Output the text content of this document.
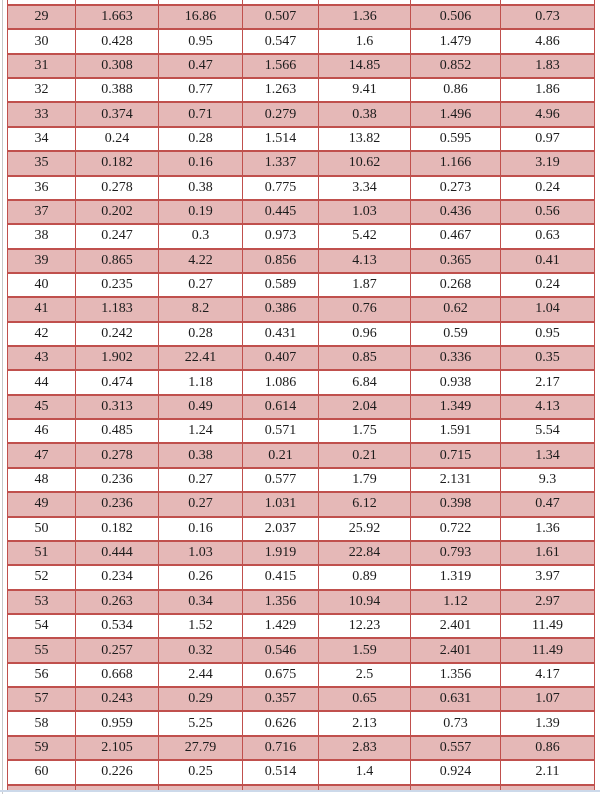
29	1.663	16.86	0.507	1.36	0.506	0.73
30	0.428	0.95	0.547	1.6	1.479	4.86
31	0.308	0.47	1.566	14.85	0.852	1.83
32	0.388	0.77	1.263	9.41	0.86	1.86
33	0.374	0.71	0.279	0.38	1.496	4.96
34	0.24	0.28	1.514	13.82	0.595	0.97
35	0.182	0.16	1.337	10.62	1.166	3.19
36	0.278	0.38	0.775	3.34	0.273	0.24
37	0.202	0.19	0.445	1.03	0.436	0.56
38	0.247	0.3	0.973	5.42	0.467	0.63
39	0.865	4.22	0.856	4.13	0.365	0.41
40	0.235	0.27	0.589	1.87	0.268	0.24
41	1.183	8.2	0.386	0.76	0.62	1.04
42	0.242	0.28	0.431	0.96	0.59	0.95
43	1.902	22.41	0.407	0.85	0.336	0.35
44	0.474	1.18	1.086	6.84	0.938	2.17
45	0.313	0.49	0.614	2.04	1.349	4.13
46	0.485	1.24	0.571	1.75	1.591	5.54
47	0.278	0.38	0.21	0.21	0.715	1.34
48	0.236	0.27	0.577	1.79	2.131	9.3
49	0.236	0.27	1.031	6.12	0.398	0.47
50	0.182	0.16	2.037	25.92	0.722	1.36
51	0.444	1.03	1.919	22.84	0.793	1.61
52	0.234	0.26	0.415	0.89	1.319	3.97
53	0.263	0.34	1.356	10.94	1.12	2.97
54	0.534	1.52	1.429	12.23	2.401	11.49
55	0.257	0.32	0.546	1.59	2.401	11.49
56	0.668	2.44	0.675	2.5	1.356	4.17
57	0.243	0.29	0.357	0.65	0.631	1.07
58	0.959	5.25	0.626	2.13	0.73	1.39
59	2.105	27.79	0.716	2.83	0.557	0.86
60	0.226	0.25	0.514	1.4	0.924	2.11
